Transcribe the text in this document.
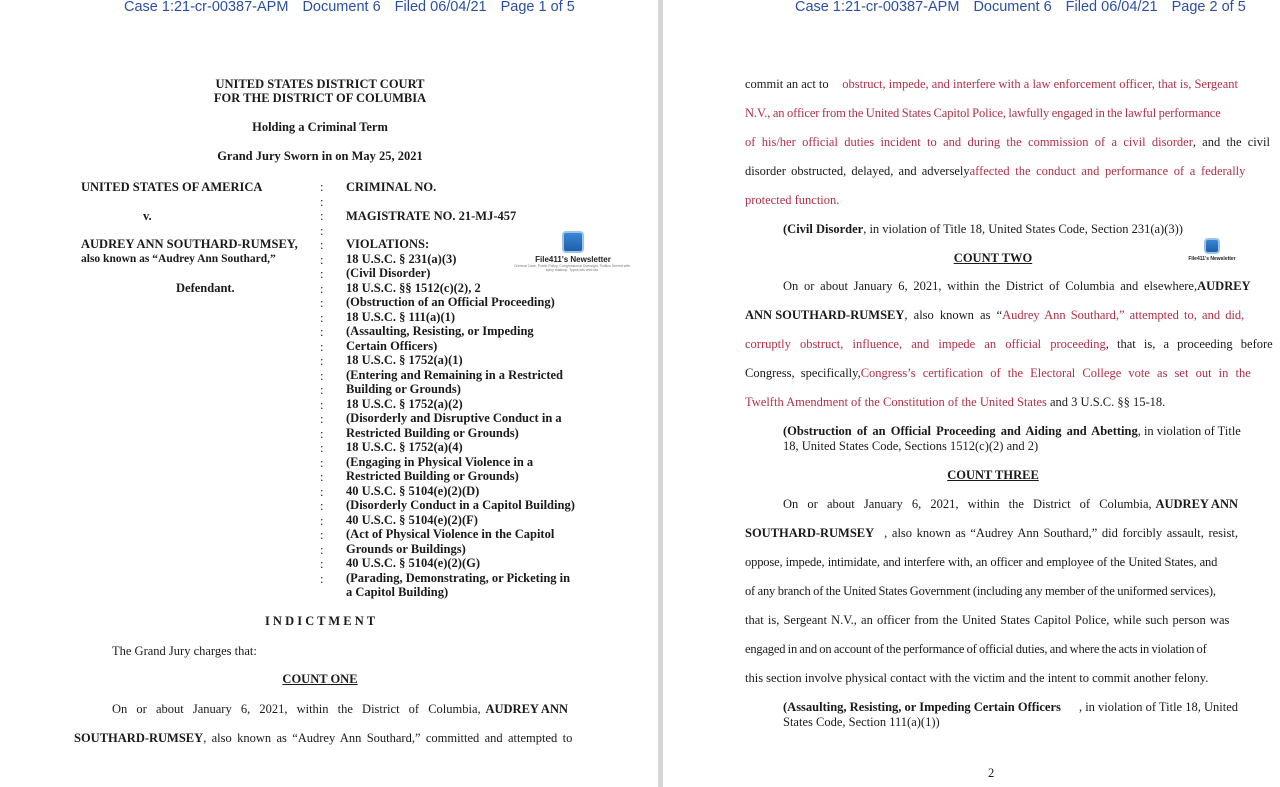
Case 1:21-cr-00387-APM Document 6 Filed 06/04/21 Page 1 of 5
UNITED STATES DISTRICT COURT
FOR THE DISTRICT OF COLUMBIA
Holding a Criminal Term
Grand Jury Sworn in on May 25, 2021
UNITED STATES OF AMERICA
v.
AUDREY ANN SOUTHARD-RUMSEY,
also known as “Audrey Ann Southard,”
Defendant.
:
:
:
:
:
:
:
:
:
:
:
:
:
:
:
:
:
:
:
:
:
:
:
:
:
:
:
:
CRIMINAL NO.
MAGISTRATE NO. 21-MJ-457
VIOLATIONS:
18 U.S.C. § 231(a)(3)
(Civil Disorder)
18 U.S.C. §§ 1512(c)(2), 2
(Obstruction of an Official Proceeding)
18 U.S.C. § 111(a)(1)
(Assaulting, Resisting, or Impeding
Certain Officers)
18 U.S.C. § 1752(a)(1)
(Entering and Remaining in a Restricted
Building or Grounds)
18 U.S.C. § 1752(a)(2)
(Disorderly and Disruptive Conduct in a
Restricted Building or Grounds)
18 U.S.C. § 1752(a)(4)
(Engaging in Physical Violence in a
Restricted Building or Grounds)
40 U.S.C. § 5104(e)(2)(D)
(Disorderly Conduct in a Capitol Building)
40 U.S.C. § 5104(e)(2)(F)
(Act of Physical Violence in the Capitol
Grounds or Buildings)
40 U.S.C. § 5104(e)(2)(G)
(Parading, Demonstrating, or Picketing in
a Capitol Building)
File411's Newsletter
Criminal Case, Public Policy, Congressional Oversight, Politics Served with spicy mashup. Typos lots and lots
I N D I C T M E N T
The Grand Jury charges that:
COUNT ONE
On or about January 6, 2021, within the District of Columbia, AUDREY ANN
SOUTHARD-RUMSEY, also known as “Audrey Ann Southard,” committed and attempted to
Case 1:21-cr-00387-APM Document 6 Filed 06/04/21 Page 2 of 5
commit an act to obstruct, impede, and interfere with a law enforcement officer, that is, Sergeant
N.V., an officer from the United States Capitol Police, lawfully engaged in the lawful performance
of his/her official duties incident to and during the commission of a civil disorder , and the civil
disorder obstructed, delayed, and adversely affected the conduct and performance of a federally
protected function.
(Civil Disorder, in violation of Title 18, United States Code, Section 231(a)(3))
File411's Newsletter
COUNT TWO
On or about January 6, 2021, within the District of Columbia and elsewhere, AUDREY
ANN SOUTHARD-RUMSEY , also known as “ Audrey Ann Southard,” attempted to, and did,
corruptly obstruct, influence, and impede an official proceeding , that is, a proceeding before
Congress, specifically, Congress’s certification of the Electoral College vote as set out in the
Twelfth Amendment of the Constitution of the United States and 3 U.S.C. §§ 15-18.
(Obstruction of an Official Proceeding and Aiding and Abetting , in violation of Title
18, United States Code, Sections 1512(c)(2) and 2)
COUNT THREE
On or about January 6, 2021, within the District of Columbia, AUDREY ANN
SOUTHARD-RUMSEY , also known as “Audrey Ann Southard,” did forcibly assault, resist,
oppose, impede, intimidate, and interfere with, an officer and employee of the United States, and
of any branch of the United States Government (including any member of the uniformed services),
that is, Sergeant N.V., an officer from the United States Capitol Police, while such person was
engaged in and on account of the performance of official duties, and where the acts in violation of
this section involve physical contact with the victim and the intent to commit another felony.
(Assaulting, Resisting, or Impeding Certain Officers , in violation of Title 18, United
States Code, Section 111(a)(1))
2
